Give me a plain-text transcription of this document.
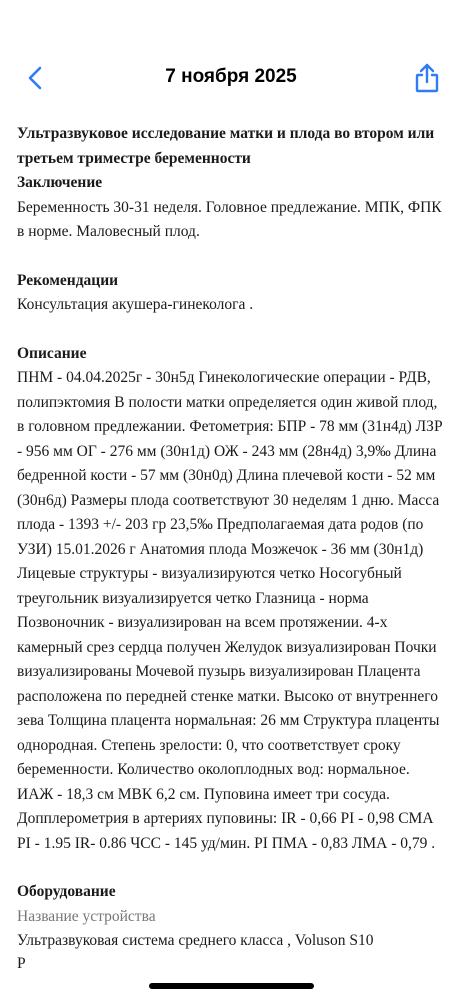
7 ноября 2025

Ультразвуковое исследование матки и плода во втором или третьем триместре беременности

Заключение

Беременность 30-31 неделя. Головное предлежание. МПК, ФПК в норме. Маловесный плод.

Рекомендации

Консультация акушера-гинеколога .

Описание

ПНМ - 04.04.2025г - 30н5д Гинекологические операции - РДВ, полипэктомия В полости матки определяется один живой плод, в головном предлежании. Фетометрия: БПР - 78 мм (31н4д) ЛЗР - 956 мм ОГ - 276 мм (30н1д) ОЖ - 243 мм (28н4д) 3,9‰ Длина бедренной кости - 57 мм (30н0д) Длина плечевой кости - 52 мм (30н6д) Размеры плода соответствуют 30 неделям 1 дню. Масса плода - 1393 +/- 203 гр 23,5‰ Предполагаемая дата родов (по УЗИ) 15.01.2026 г Анатомия плода Мозжечок - 36 мм (30н1д) Лицевые структуры - визуализируются четко Носогубный треугольник визуализируется четко Глазница - норма Позвоночник - визуализирован на всем протяжении. 4-х камерный срез сердца получен Желудок визуализирован Почки визуализированы Мочевой пузырь визуализирован Плацента расположена по передней стенке матки. Высоко от внутреннего зева Толщина плацента нормальная: 26 мм Структура плаценты однородная. Степень зрелости: 0, что соответствует сроку беременности. Количество околоплодных вод: нормальное. ИАЖ - 18,3 см МВК 6,2 см. Пуповина имеет три сосуда. Допплерометрия в артериях пуповины: IR - 0,66 PI - 0,98 СМА PI - 1.95 IR- 0.86 ЧСС - 145 уд/мин. PI ПМА - 0,83 ЛМА - 0,79 .

Оборудование

Название устройства

Ультразвуковая система среднего класса , Voluson S10

Р
